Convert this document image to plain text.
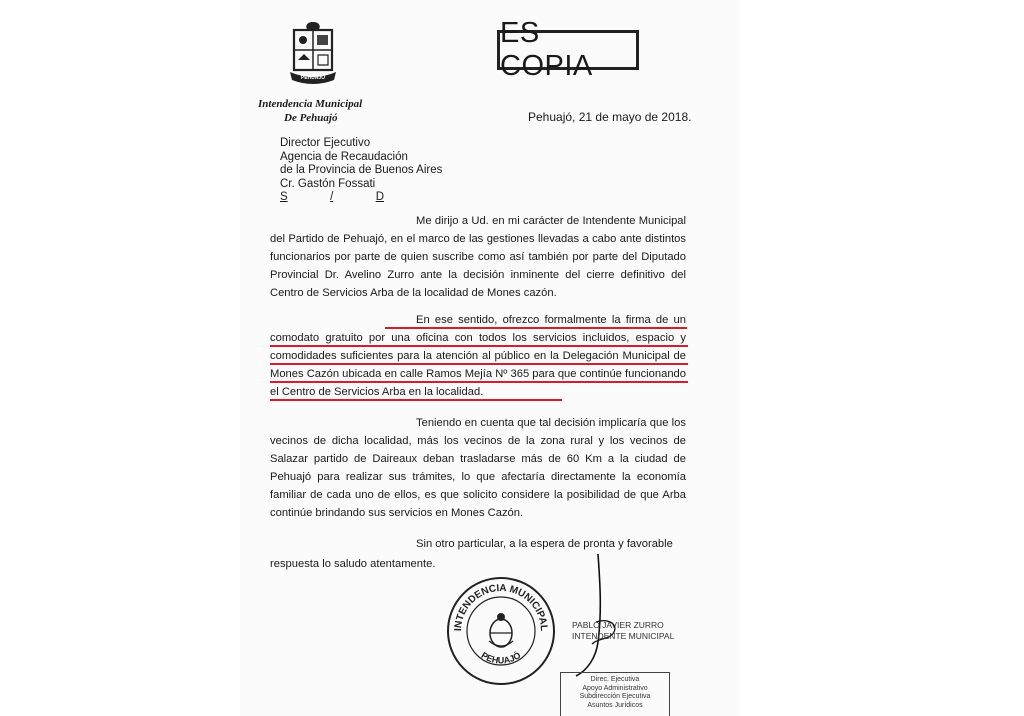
PEHUAJÓ
Intendencia Municipal
De Pehuajó
ES COPIA
Pehuajó, 21 de mayo de 2018.
Director Ejecutivo
Agencia de Recaudación
de la Provincia de Buenos Aires
Cr. Gastón Fossati
S	/	D
Me dirijo a Ud. en mi carácter de Intendente Municipal del Partido de Pehuajó, en el marco de las gestiones llevadas a cabo ante distintos funcionarios por parte de quien suscribe como así también por parte del Diputado Provincial Dr. Avelino Zurro ante la decisión inminente del cierre definitivo del Centro de Servicios Arba de la localidad de Mones cazón.
En ese sentido, ofrezco formalmente la firma de un comodato gratuito por una oficina con todos los servicios incluidos, espacio y comodidades suficientes para la atención al público en la Delegación Municipal de Mones Cazón ubicada en calle Ramos Mejía Nº 365 para que continúe funcionando el Centro de Servicios Arba en la localidad.
Teniendo en cuenta que tal decisión implicaría que los vecinos de dicha localidad, más los vecinos de la zona rural y los vecinos de Salazar partido de Daireaux deban trasladarse más de 60 Km a la ciudad de Pehuajó para realizar sus trámites, lo que afectaría directamente la economía familiar de cada uno de ellos, es que solicito considere la posibilidad de que Arba continúe brindando sus servicios en Mones Cazón.
Sin otro particular, a la espera de pronta y favorable respuesta lo saludo atentamente.
INTENDENCIA MUNICIPAL
PEHUAJÓ
PABLO JAVIER ZURRO
INTENDENTE MUNICIPAL
Direc. Ejecutiva
Apoyo Administrativo
Subdirección Ejecutiva
Asuntos Jurídicos
